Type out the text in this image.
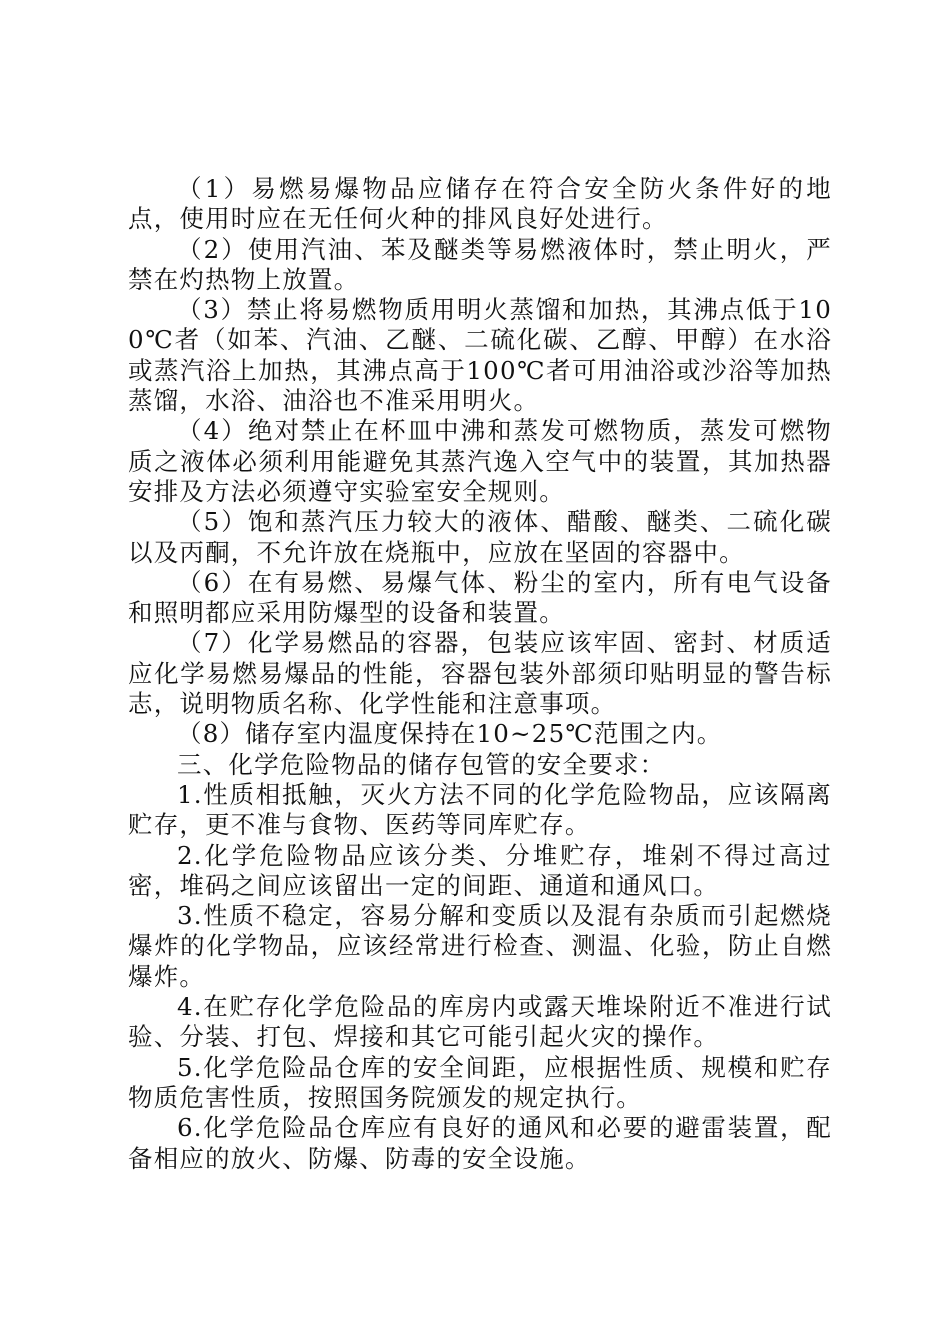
（1）易燃易爆物品应储存在符合安全防火条件好的地点，使用时应在无任何火种的排风良好处进行。

（2）使用汽油、苯及醚类等易燃液体时，禁止明火，严禁在灼热物上放置。

（3）禁止将易燃物质用明火蒸馏和加热，其沸点低于100℃者（如苯、汽油、乙醚、二硫化碳、乙醇、甲醇）在水浴或蒸汽浴上加热，其沸点高于100℃者可用油浴或沙浴等加热蒸馏，水浴、油浴也不准采用明火。

（4）绝对禁止在杯皿中沸和蒸发可燃物质，蒸发可燃物质之液体必须利用能避免其蒸汽逸入空气中的装置，其加热器安排及方法必须遵守实验室安全规则。

（5）饱和蒸汽压力较大的液体、醋酸、醚类、二硫化碳以及丙酮，不允许放在烧瓶中，应放在坚固的容器中。

（6）在有易燃、易爆气体、粉尘的室内，所有电气设备和照明都应采用防爆型的设备和装置。

（7）化学易燃品的容器，包装应该牢固、密封、材质适应化学易燃易爆品的性能，容器包装外部须印贴明显的警告标志，说明物质名称、化学性能和注意事项。

（8）储存室内温度保持在10~25℃范围之内。

三、化学危险物品的储存包管的安全要求：

1.性质相抵触，灭火方法不同的化学危险物品，应该隔离贮存，更不准与食物、医药等同库贮存。

2.化学危险物品应该分类、分堆贮存，堆剁不得过高过密，堆码之间应该留出一定的间距、通道和通风口。

3.性质不稳定，容易分解和变质以及混有杂质而引起燃烧爆炸的化学物品，应该经常进行检查、测温、化验，防止自燃爆炸。

4.在贮存化学危险品的库房内或露天堆垛附近不准进行试验、分装、打包、焊接和其它可能引起火灾的操作。

5.化学危险品仓库的安全间距，应根据性质、规模和贮存物质危害性质，按照国务院颁发的规定执行。

6.化学危险品仓库应有良好的通风和必要的避雷装置，配备相应的放火、防爆、防毒的安全设施。
